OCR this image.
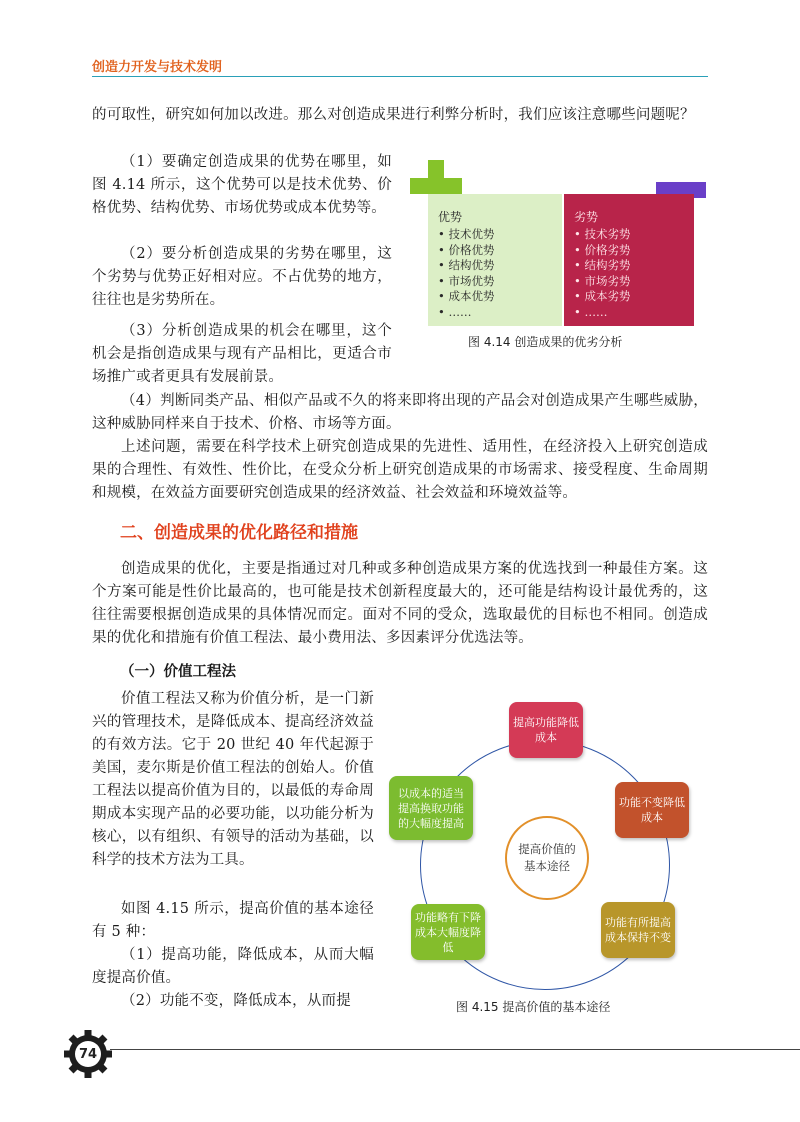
创造力开发与技术发明

的可取性，研究如何加以改进。那么对创造成果进行利弊分析时，我们应该注意哪些问题呢？

（1）要确定创造成果的优势在哪里，如图 4.14 所示，这个优势可以是技术优势、价格优势、结构优势、市场优势或成本优势等。

（2）要分析创造成果的劣势在哪里，这个劣势与优势正好相对应。不占优势的地方，往往也是劣势所在。

（3）分析创造成果的机会在哪里，这个机会是指创造成果与现有产品相比，更适合市场推广或者更具有发展前景。

（4）判断同类产品、相似产品或不久的将来即将出现的产品会对创造成果产生哪些威胁，这种威胁同样来自于技术、价格、市场等方面。

上述问题，需要在科学技术上研究创造成果的先进性、适用性，在经济投入上研究创造成果的合理性、有效性、性价比，在受众分析上研究创造成果的市场需求、接受程度、生命周期和规模，在效益方面要研究创造成果的经济效益、社会效益和环境效益等。

优势
• 技术优势
• 价格优势
• 结构优势
• 市场优势
• 成本优势
• ……
劣势
• 技术劣势
• 价格劣势
• 结构劣势
• 市场劣势
• 成本劣势
• ……
图 4.14 创造成果的优劣分析
二、创造成果的优化路径和措施

创造成果的优化，主要是指通过对几种或多种创造成果方案的优选找到一种最佳方案。这个方案可能是性价比最高的，也可能是技术创新程度最大的，还可能是结构设计最优秀的，这往往需要根据创造成果的具体情况而定。面对不同的受众，选取最优的目标也不相同。创造成果的优化和措施有价值工程法、最小费用法、多因素评分优选法等。

（一）价值工程法

价值工程法又称为价值分析，是一门新兴的管理技术，是降低成本、提高经济效益的有效方法。它于 20 世纪 40 年代起源于美国，麦尔斯是价值工程法的创始人。价值工程法以提高价值为目的，以最低的寿命周期成本实现产品的必要功能，以功能分析为核心，以有组织、有领导的活动为基础，以科学的技术方法为工具。

如图 4.15 所示，提高价值的基本途径有 5 种：

（1）提高功能，降低成本，从而大幅度提高价值。

（2）功能不变，降低成本，从而提

提高价值的基本途径
提高功能降低成本
功能不变降低成本
功能有所提高成本保持不变
功能略有下降成本大幅度降低
以成本的适当提高换取功能的大幅度提高
图 4.15 提高价值的基本途径
74
